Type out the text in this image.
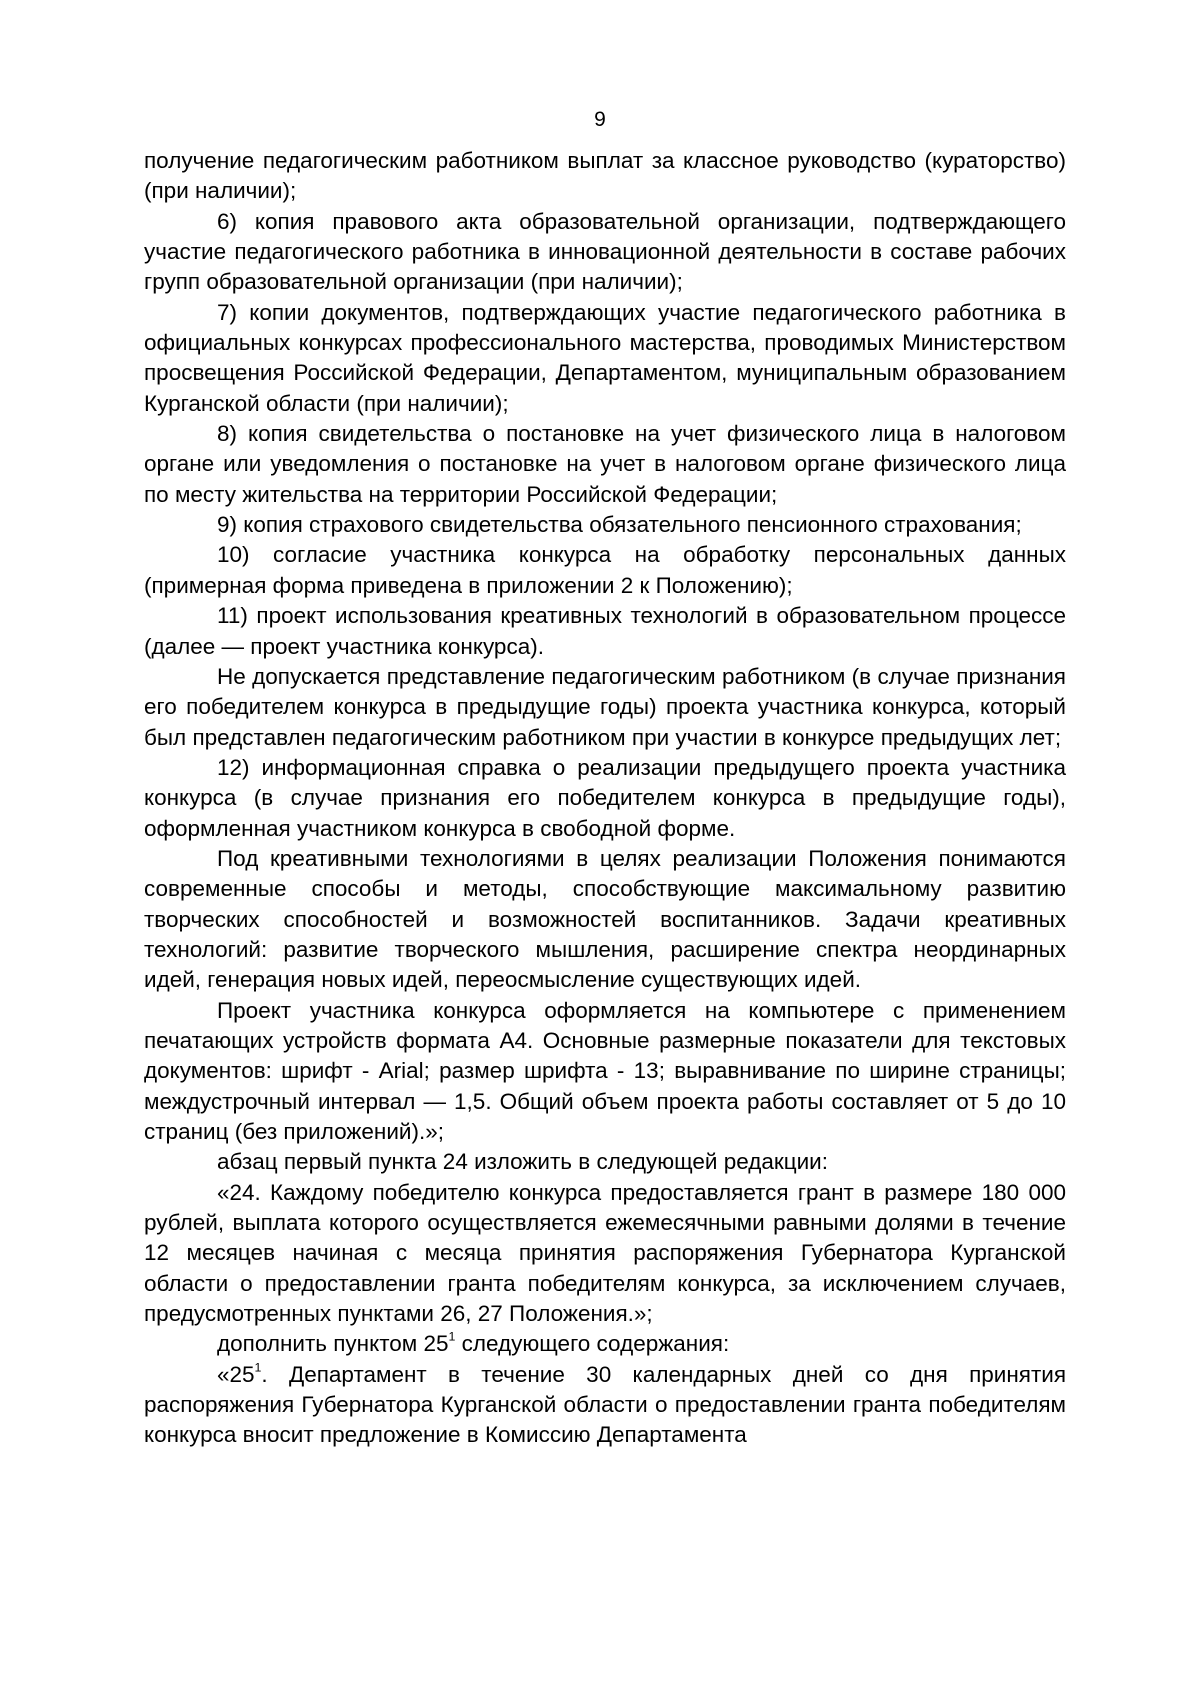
9

получение педагогическим работником выплат за классное руководство (кураторство) (при наличии);

6) копия правового акта образовательной организации, подтверждающего участие педагогического работника в инновационной деятельности в составе рабочих групп образовательной организации (при наличии);

7) копии документов, подтверждающих участие педагогического работника в официальных конкурсах профессионального мастерства, проводимых Министерством просвещения Российской Федерации, Департаментом, муниципальным образованием Курганской области (при наличии);

8) копия свидетельства о постановке на учет физического лица в налоговом органе или уведомления о постановке на учет в налоговом органе физического лица по месту жительства на территории Российской Федерации;

9) копия страхового свидетельства обязательного пенсионного страхования;

10) согласие участника конкурса на обработку персональных данных (примерная форма приведена в приложении 2 к Положению);

11) проект использования креативных технологий в образовательном процессе (далее — проект участника конкурса).

Не допускается представление педагогическим работником (в случае признания его победителем конкурса в предыдущие годы) проекта участника конкурса, который был представлен педагогическим работником при участии в конкурсе предыдущих лет;

12) информационная справка о реализации предыдущего проекта участника конкурса (в случае признания его победителем конкурса в предыдущие годы), оформленная участником конкурса в свободной форме.

Под креативными технологиями в целях реализации Положения понимаются современные способы и методы, способствующие максимальному развитию творческих способностей и возможностей воспитанников. Задачи креативных технологий: развитие творческого мышления, расширение спектра неординарных идей, генерация новых идей, переосмысление существующих идей.

Проект участника конкурса оформляется на компьютере с применением печатающих устройств формата А4. Основные размерные показатели для текстовых документов: шрифт - Arial; размер шрифта - 13; выравнивание по ширине страницы; междустрочный интервал — 1,5. Общий объем проекта работы составляет от 5 до 10 страниц (без приложений).»;

абзац первый пункта 24 изложить в следующей редакции:

«24. Каждому победителю конкурса предоставляется грант в размере 180 000 рублей, выплата которого осуществляется ежемесячными равными долями в течение 12 месяцев начиная с месяца принятия распоряжения Губернатора Курганской области о предоставлении гранта победителям конкурса, за исключением случаев, предусмотренных пунктами 26, 27 Положения.»;

дополнить пунктом $25^1$ следующего содержания:

«$25^1$. Департамент в течение 30 календарных дней со дня принятия распоряжения Губернатора Курганской области о предоставлении гранта победителям конкурса вносит предложение в Комиссию Департамента
